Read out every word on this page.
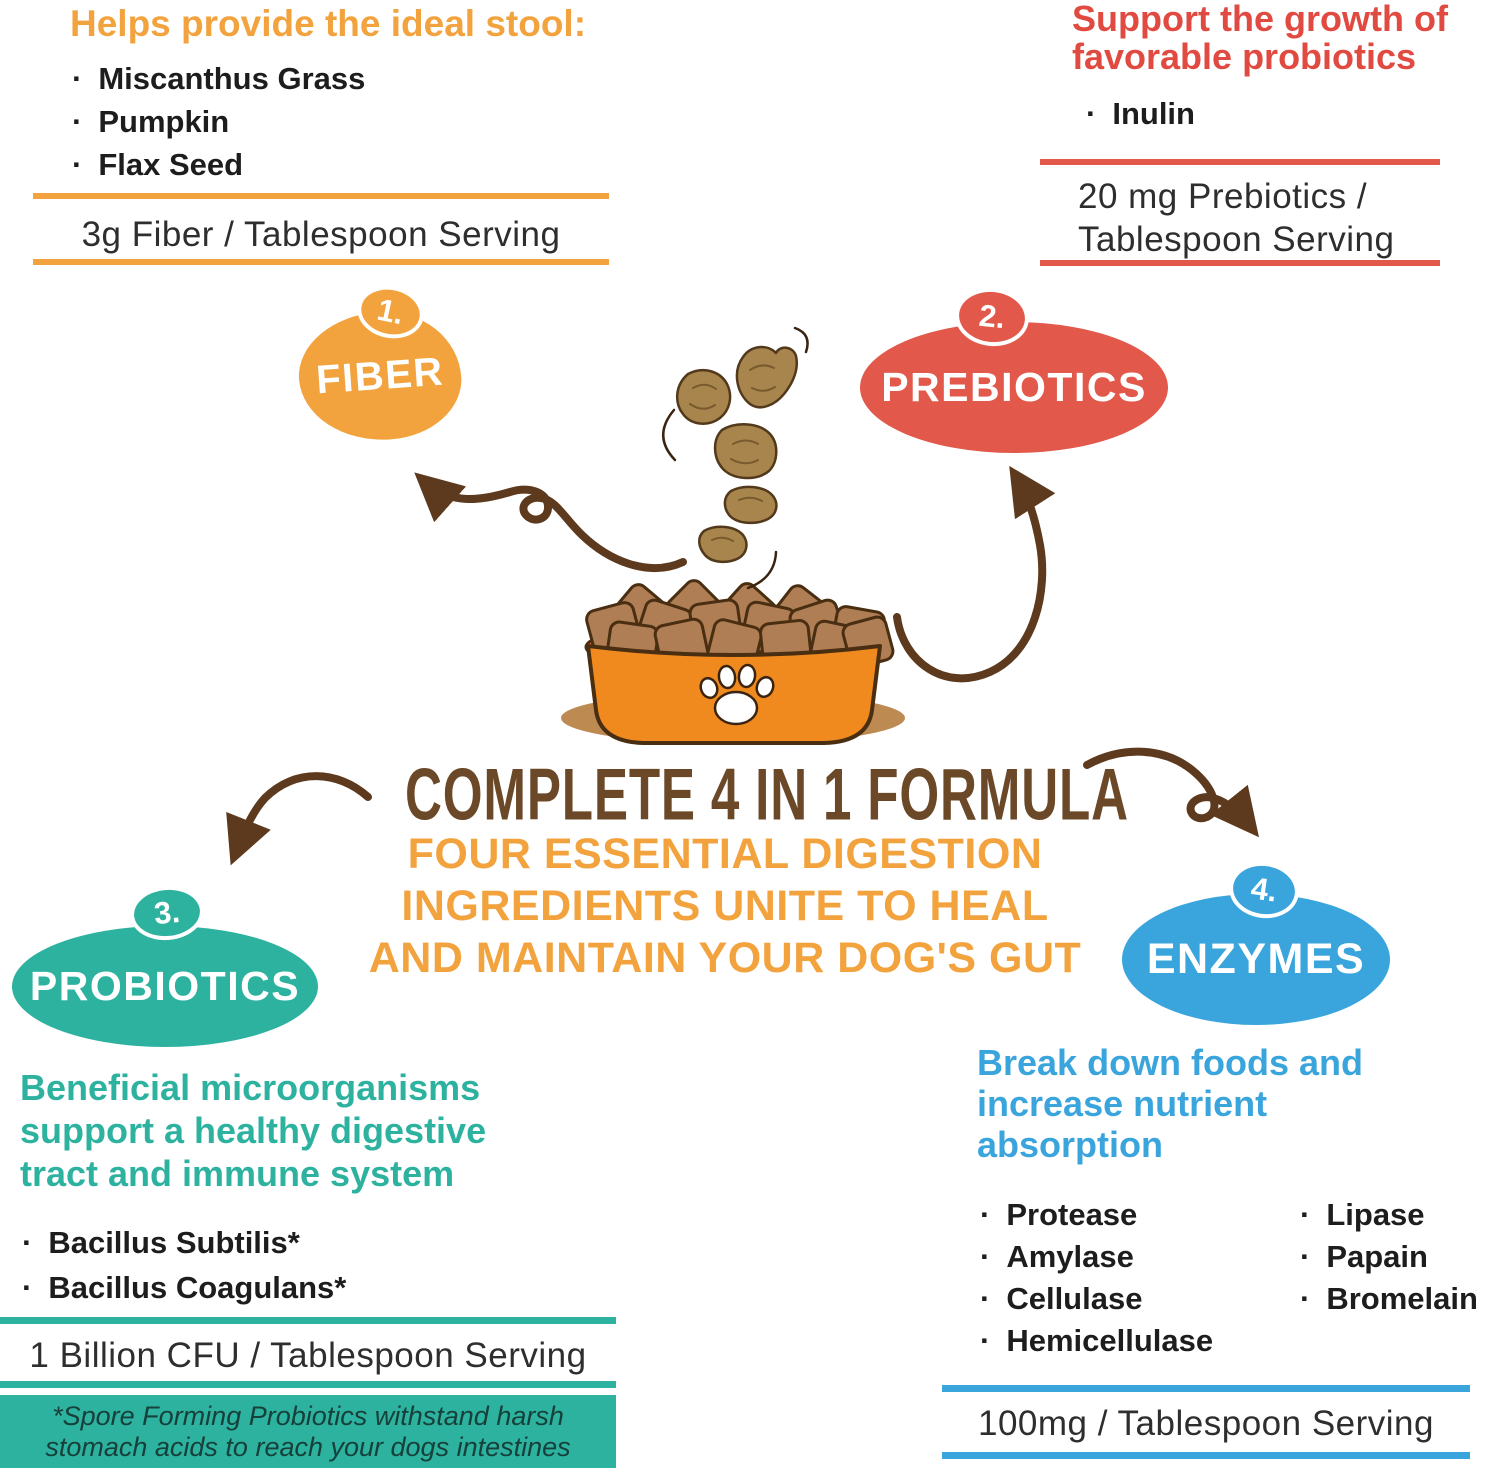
Helps provide the ideal stool:
· Miscanthus Grass
· Pumpkin
· Flax Seed
3g Fiber / Tablespoon Serving
Support the growth of
favorable probiotics
· Inulin
20 mg Prebiotics /
Tablespoon Serving
FIBER
1.
PREBIOTICS
2.
PROBIOTICS
3.
ENZYMES
4.
COMPLETE 4 IN 1 FORMULA
FOUR ESSENTIAL DIGESTION
INGREDIENTS UNITE TO HEAL
AND MAINTAIN YOUR DOG'S GUT
Beneficial microorganisms
support a healthy digestive
tract and immune system
· Bacillus Subtilis*
· Bacillus Coagulans*
1 Billion CFU / Tablespoon Serving
*Spore Forming Probiotics withstand harsh
stomach acids to reach your dogs intestines
Break down foods and
increase nutrient
absorption
· Protease
· Amylase
· Cellulase
· Hemicellulase
· Lipase
· Papain
· Bromelain
100mg / Tablespoon Serving
